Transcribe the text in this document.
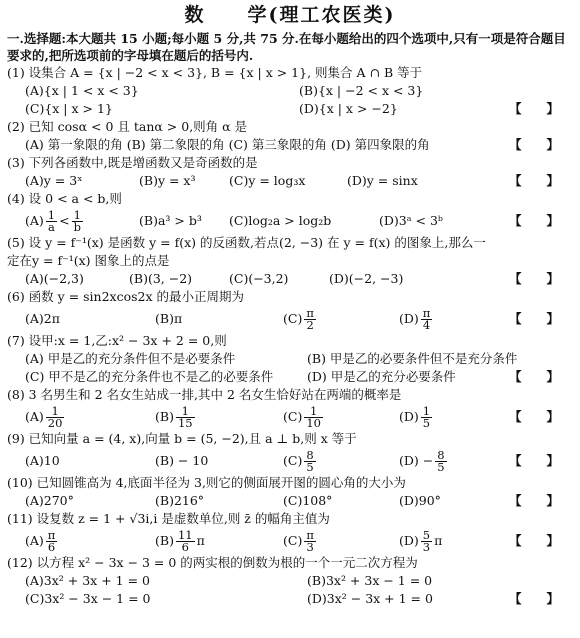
数　　学(理工农医类)
一.选择题:本大题共 15 小题;每小题 5 分,共 75 分.在每小题给出的四个选项中,只有一项是符合题目要求的,把所选项前的字母填在题后的括号内.
(1) 设集合 A = {x | −2 < x < 3}, B = {x | x > 1}, 则集合 A ∩ B 等于
(A){x | 1 < x < 3}	(B){x | −2 < x < 3}
(C){x | x > 1}	(D){x | x > −2}	【　　】
(2) 已知 cosα < 0 且 tanα > 0,则角 α 是
(A) 第一象限的角 (B) 第二象限的角 (C) 第三象限的角 (D) 第四象限的角	【　　】
(3) 下列各函数中,既是增函数又是奇函数的是
(A)y = 3ˣ	(B)y = x³	(C)y = log₃x	(D)y = sinx	【　　】
(4) 设 0 < a < b,则
$(A) \frac{1}{a} < \frac{1}{b}$	(B)a³ > b³ (C)log₂a > log₂b	(D)3ᵃ < 3ᵇ	【　　】
(5) 设 y = f⁻¹(x) 是函数 y = f(x) 的反函数,若点(2, −3) 在 y = f(x) 的图象上,那么一
定在y = f⁻¹(x) 图象上的点是
(A)(−2,3)	(B)(3, −2)	(C)(−3,2)	(D)(−2, −3)	【　　】
(6) 函数 y = sin2xcos2x 的最小正周期为
(A)2π	(B)π	$(C) \frac{\pi}{2}$	$(D) \frac{\pi}{4}$	【　　】
(7) 设甲:x = 1,乙:x² − 3x + 2 = 0,则
(A) 甲是乙的充分条件但不是必要条件	(B) 甲是乙的必要条件但不是充分条件
(C) 甲不是乙的充分条件也不是乙的必要条件	(D) 甲是乙的充分必要条件	【　　】
(8) 3 名男生和 2 名女生站成一排,其中 2 名女生恰好站在两端的概率是
$(A) \frac{1}{20}$	$(B) \frac{1}{15}$	$(C) \frac{1}{10}$	$(D) \frac{1}{5}$	【　　】
(9) 已知向量 a = (4, x),向量 b = (5, −2),且 a ⊥ b,则 x 等于
(A)10	(B) − 10	$(C) \frac{8}{5}$	$(D) - \frac{8}{5}$	【　　】
(10) 已知圆锥高为 4,底面半径为 3,则它的侧面展开图的圆心角的大小为
(A)270°	(B)216°	(C)108°	(D)90°	【　　】
(11) 设复数 z = 1 + √3i,i 是虚数单位,则 z̄ 的幅角主值为
$(A) \frac{\pi}{6}$	$(B) \frac{11}{6}$ π	$(C) \frac{\pi}{3}$	$(D) \frac{5}{3}$ π	【　　】
(12) 以方程 x² − 3x − 3 = 0 的两实根的倒数为根的一个一元二次方程为
(A)3x² + 3x + 1 = 0	(B)3x² + 3x − 1 = 0
(C)3x² − 3x − 1 = 0	(D)3x² − 3x + 1 = 0	【　　】
